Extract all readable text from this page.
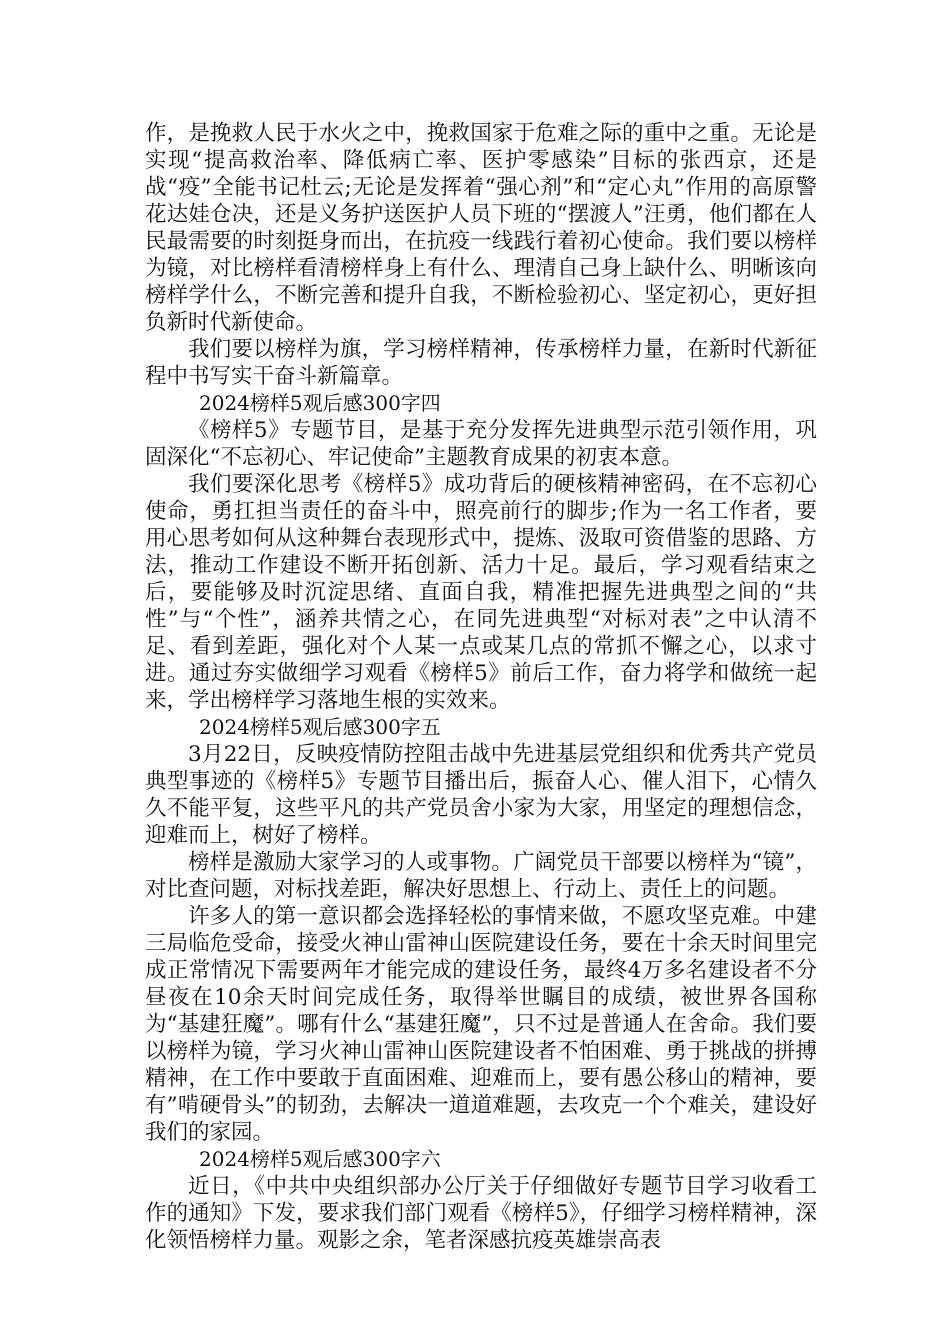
作，是挽救人民于水火之中，挽救国家于危难之际的重中之重。无论是实现“提高救治率、降低病亡率、医护零感染”目标的张西京，还是战“疫”全能书记杜云;无论是发挥着“强心剂”和“定心丸”作用的高原警花达娃仓决，还是义务护送医护人员下班的“摆渡人”汪勇，他们都在人民最需要的时刻挺身而出，在抗疫一线践行着初心使命。我们要以榜样为镜，对比榜样看清榜样身上有什么、理清自己身上缺什么、明晰该向榜样学什么，不断完善和提升自我，不断检验初心、坚定初心，更好担负新时代新使命。

我们要以榜样为旗，学习榜样精神，传承榜样力量，在新时代新征程中书写实干奋斗新篇章。

2024榜样5观后感300字四

《榜样5》专题节目，是基于充分发挥先进典型示范引领作用，巩固深化“不忘初心、牢记使命”主题教育成果的初衷本意。

我们要深化思考《榜样5》成功背后的硬核精神密码，在不忘初心使命，勇扛担当责任的奋斗中，照亮前行的脚步;作为一名工作者，要用心思考如何从这种舞台表现形式中，提炼、汲取可资借鉴的思路、方法，推动工作建设不断开拓创新、活力十足。最后，学习观看结束之后，要能够及时沉淀思绪、直面自我，精准把握先进典型之间的“共性”与“个性”，涵养共情之心，在同先进典型“对标对表”之中认清不足、看到差距，强化对个人某一点或某几点的常抓不懈之心，以求寸进。通过夯实做细学习观看《榜样5》前后工作，奋力将学和做统一起来，学出榜样学习落地生根的实效来。

2024榜样5观后感300字五

3月22日，反映疫情防控阻击战中先进基层党组织和优秀共产党员典型事迹的《榜样5》专题节目播出后，振奋人心、催人泪下，心情久久不能平复，这些平凡的共产党员舍小家为大家，用坚定的理想信念，迎难而上，树好了榜样。

榜样是激励大家学习的人或事物。广阔党员干部要以榜样为“镜”，对比查问题，对标找差距，解决好思想上、行动上、责任上的问题。

许多人的第一意识都会选择轻松的事情来做，不愿攻坚克难。中建三局临危受命，接受火神山雷神山医院建设任务，要在十余天时间里完成正常情况下需要两年才能完成的建设任务，最终4万多名建设者不分昼夜在10余天时间完成任务，取得举世瞩目的成绩，被世界各国称为“基建狂魔”。哪有什么“基建狂魔”，只不过是普通人在舍命。我们要以榜样为镜，学习火神山雷神山医院建设者不怕困难、勇于挑战的拼搏精神，在工作中要敢于直面困难、迎难而上，要有愚公移山的精神，要有”啃硬骨头”的韧劲，去解决一道道难题，去攻克一个个难关，建设好我们的家园。

2024榜样5观后感300字六

近日，《中共中央组织部办公厅关于仔细做好专题节目学习收看工作的通知》下发，要求我们部门观看《榜样5》，仔细学习榜样精神，深化领悟榜样力量。观影之余，笔者深感抗疫英雄崇高表
